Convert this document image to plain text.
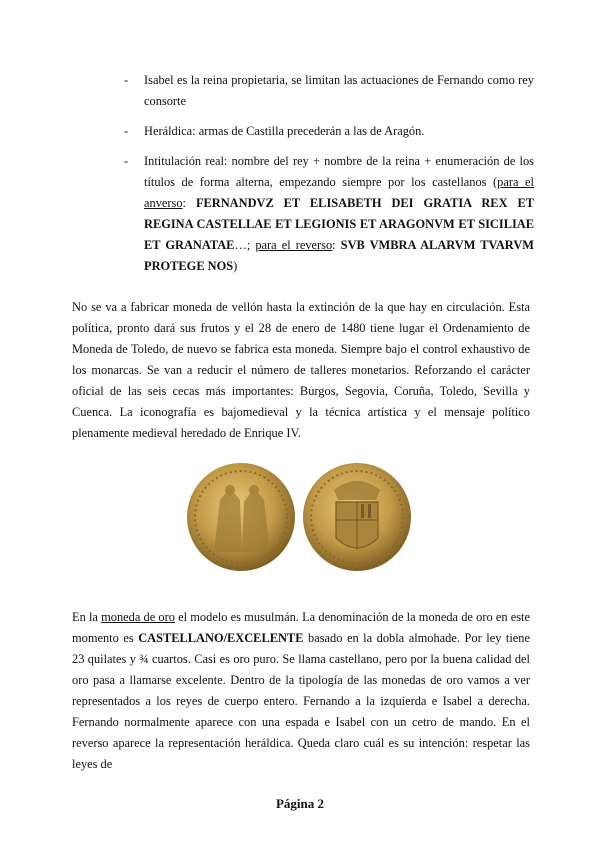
- Isabel es la reina propietaria, se limitan las actuaciones de Fernando como rey consorte
- Heráldica: armas de Castilla precederán a las de Aragón.
- Intitulación real: nombre del rey + nombre de la reina + enumeración de los títulos de forma alterna, empezando siempre por los castellanos (para el anverso: FERNANDVZ ET ELISABETH DEI GRATIA REX ET REGINA CASTELLAE ET LEGIONIS ET ARAGONVM ET SICILIAE ET GRANATAE…; para el reverso: SVB VMBRA ALARVM TVARVM PROTEGE NOS)
No se va a fabricar moneda de vellón hasta la extinción de la que hay en circulación. Esta política, pronto dará sus frutos y el 28 de enero de 1480 tiene lugar el Ordenamiento de Moneda de Toledo, de nuevo se fabrica esta moneda. Siempre bajo el control exhaustivo de los monarcas. Se van a reducir el número de talleres monetarios. Reforzando el carácter oficial de las seis cecas más importantes: Burgos, Segovia, Coruña, Toledo, Sevilla y Cuenca. La iconografía es bajomedieval y la técnica artística y el mensaje político plenamente medieval heredado de Enrique IV.
En la moneda de oro el modelo es musulmán. La denominación de la moneda de oro en este momento es CASTELLANO/EXCELENTE basado en la dobla almohade. Por ley tiene 23 quilates y ¾ cuartos. Casi es oro puro. Se llama castellano, pero por la buena calidad del oro pasa a llamarse excelente. Dentro de la tipología de las monedas de oro vamos a ver representados a los reyes de cuerpo entero. Fernando a la izquierda e Isabel a derecha. Fernando normalmente aparece con una espada e Isabel con un cetro de mando. En el reverso aparece la representación heráldica. Queda claro cuál es su intención: respetar las leyes de
Página 2
